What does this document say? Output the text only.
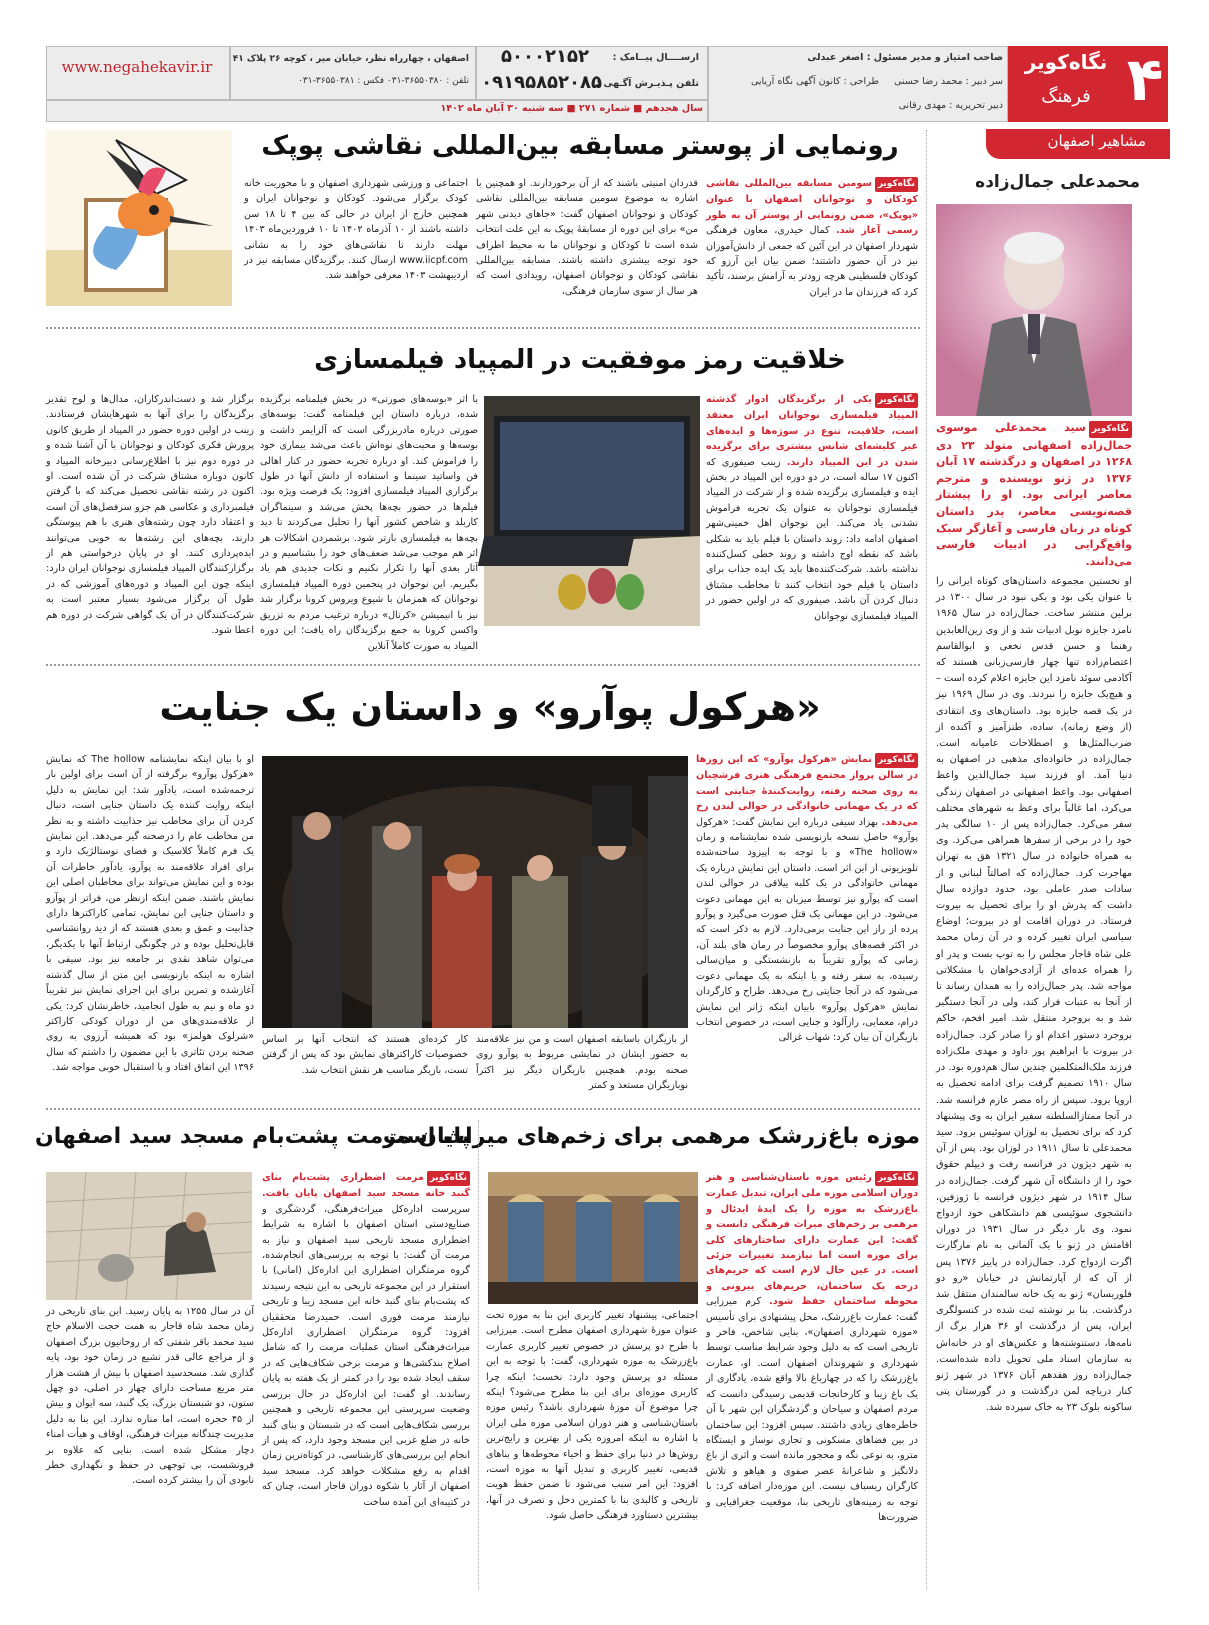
۴
نگاه‌کویر
فرهنگ
صاحب امتیاز و مدیر مسئول : اصغر عبدلی
سر دبیر : محمد رضا حسنی
طراحی : کانون آگهی نگاه آریایی
دبیر تحریریه : مهدی رقانی
ارســــال پیــامک :
۵۰۰۰۲۱۵۲
تلفن پـذیـرش آگـهی :
۰۹۱۹۵۸۵۲۰۸۵
اصفهان ، چهارراه نظر، خیابان میر ، کوچه ۲۶ پلاک ۴۱
تلفن : ۳۶۵۵۰۳۸۰-۰۳۱ فکس : ۳۶۵۵۰۳۸۱-۰۳۱
www.negahekavir.ir
سال هجدهم ■ شماره ۲۷۱ ■ سه شنبه ۳۰ آبان ماه ۱۴۰۲
مشاهیر اصفهان
محمدعلی جمال‌زاده
نگاه‌کویرسید محمدعلی موسوی جمال‌زاده اصفهانی متولد ۲۳ دی ۱۲۶۸ در اصفهان و درگذشته ۱۷ آبان ۱۳۷۶ در ژنو نویسنده و مترجم معاصر ایرانی بود. او را پیشتاز قصه‌نویسی معاصر، پدر داستان کوتاه در زبان فارسی و آغازگر سبک واقع‌گرایی در ادبیات فارسی می‌دانند.
او نخستین مجموعه داستان‌های کوتاه ایرانی را با عنوان یکی بود و یکی نبود در سال ۱۳۰۰ در برلین منتشر ساخت. جمال‌زاده در سال ۱۹۶۵ نامزد جایزه نوبل ادبیات شد و از وی زین‌العابدین رهنما و حسن قدس نخعی و ابوالقاسم اعتصام‌زاده تنها چهار فارسی‌زبانی هستند که آکادمی سوئد نامزد این جایزه اعلام کرده است – و هیچ‌یک جایزه را نبردند. وی در سال ۱۹۶۹ نیز در یک قصه جایزه بود. داستان‌های وی انتقادی (از وضع زمانه)، ساده، طنزآمیز و آکنده از ضرب‌المثل‌ها و اصطلاحات عامیانه است. جمال‌زاده در خانواده‌ای مذهبی در اصفهان به دنیا آمد. او فرزند سید جمال‌الدین واعظ اصفهانی بود. واعظ اصفهانی در اصفهان زندگی می‌کرد، اما غالباً برای وعظ به شهرهای مختلف سفر می‌کرد. جمال‌زاده پس از ۱۰ سالگی پدر خود را در برخی از سفرها همراهی می‌کرد. وی به همراه خانواده در سال ۱۳۲۱ هق به تهران مهاجرت کرد. جمال‌زاده که اصالتاً لبنانی و از سادات صدر عاملی بود، حدود دوازده سال داشت که پدرش او را برای تحصیل به بیروت فرستاد. در دوران اقامت او در بیروت؛ اوضاع سیاسی ایران تغییر کرده و در آن زمان محمد علی شاه قاجار مجلس را به توپ بست و پدر او را همراه عده‌ای از آزادی‌خواهان با مشکلاتی مواجه شد. پدر جمال‌زاده را به همدان رساند تا از آنجا به عتبات فرار کند، ولی در آنجا دستگیر شد و به بروجرد منتقل شد. امیر افخم، حاکم بروجرد دستور اعدام او را صادر کرد. جمال‌زاده در بیروت با ابراهیم پور داود و مهدی ملک‌زاده فرزند ملک‌المتکلمین چندین سال هم‌دوره بود. در سال ۱۹۱۰ تصمیم گرفت برای ادامه تحصیل به اروپا برود. سپس از راه مصر عازم فرانسه شد. در آنجا ممتازالسلطنه سفیر ایران به وی پیشنهاد کرد که برای تحصیل به لوزان سوئیس برود. سید محمدعلی تا سال ۱۹۱۱ در لوزان بود. پس از آن به شهر دیژون در فرانسه رفت و دیپلم حقوق خود را از دانشگاه آن شهر گرفت. جمال‌زاده در سال ۱۹۱۴ در شهر دیژون فرانسه با ژوزفین، دانشجوی سوئیسی هم دانشکاهی خود ازدواج نمود. وی بار دیگر در سال ۱۹۳۱ در دوران اقامتش در ژنو با یک آلمانی به نام مارگارت اگرت ازدواج کرد. جمال‌زاده در پاییز ۱۳۷۶ پس از آن که از آپارتمانش در خیابان «رو دو فلوریسان» ژنو به یک خانه سالمندان منتقل شد درگذشت. بنا بر نوشته ثبت شده در کنسولگری ایران، پس از درگذشت او ۳۶ هزار برگ از نامه‌ها، دستنوشته‌ها و عکس‌های او در خانه‌اش به سازمان اسناد ملی تحویل داده شده‌است. جمال‌زاده روز هفدهم آبان ۱۳۷۶ در شهر ژنو کنار دریاچه لمن درگذشت و در گورستان پتی ساکونه بلوک ۲۳ به خاک سپرده شد.
رونمایی از پوستر مسابقه بین‌المللی نقاشی پوپک
نگاه‌کویرسومین مسابقه بین‌المللی نقاشی کودکان و نوجوانان اصفهان با عنوان «پوپک»، ضمن رونمایی از پوستر آن به طور رسمی آغاز شد. کمال حیدری، معاون فرهنگی شهردار اصفهان در این آئین که جمعی از دانش‌آموزان نیز در آن حضور داشتند؛ ضمن بیان این آرزو که کودکان فلسطینی هرچه زودتر به آرامش برسند، تأکید کرد که فرزندان ما در ایران
قدردان امنیتی باشند که از آن برخوردارند. او همچنین با اشاره به موضوع سومین مسابقه بین‌المللی نقاشی کودکان و نوجوانان اصفهان گفت: «جاهای دیدنی شهر من» برای این دوره از مسابقهٔ پوپک به این علت انتخاب شده است تا کودکان و نوجوانان ما به محیط اطراف خود توجه بیشتری داشته باشند. مسابقه بین‌المللی نقاشی کودکان و نوجوانان اصفهان، رویدادی است که هر سال از سوی سازمان فرهنگی،
اجتماعی و ورزشی شهرداری اصفهان و با محوریت خانه کودک برگزار می‌شود. کودکان و نوجوانان ایران و همچنین خارج از ایران در حالی که بین ۴ تا ۱۸ سن داشته باشند از ۱۰ آذرماه ۱۴۰۲ تا ۱۰ فروردین‌ماه ۱۴۰۳ مهلت دارند تا نقاشی‌های خود را به نشانی www.iicpf.com ارسال کنند. برگزیدگان مسابقه نیز در اردیبهشت ۱۴۰۳ معرفی خواهند شد.
خلاقیت رمز موفقیت در المپیاد فیلمسازی
نگاه‌کویریکی از برگزیدگان ادوار گذشته المپیاد فیلمسازی نوجوانان ایران معتقد است، خلاقیت، تنوع در سوژه‌ها و ایده‌های غیر کلیشه‌ای شانس بیشتری برای برگزیده شدن در این المپیاد دارند. زینب صیفوری که اکنون ۱۷ ساله است، در دو دوره این المپیاد در بخش ایده و فیلمسازی برگزیده شده و از شرکت در المپیاد فیلمسازی نوجوانان به عنوان یک تجربه فراموش نشدنی یاد می‌کند. این نوجوان اهل خمینی‌شهر اصفهان ادامه داد: روند داستان با فیلم باید به شکلی باشد که نقطه اوج داشته و روند خطی کسل‌کننده نداشته باشد. شرکت‌کننده‌ها باید یک ایده جذاب برای داستان یا فیلم خود انتخاب کنند تا مخاطب مشتاق دنبال کردن آن باشد. صیفوری که در اولین حضور در المپیاد فیلمسازی نوجوانان
با اثر «بوسه‌های صورتی» در بخش فیلمنامه برگزیده شده، درباره داستان این فیلمنامه گفت: بوسه‌های صورتی درباره مادربزرگی است که آلزایمر داشت و بوسه‌ها و محبت‌های نوه‌اش باعث می‌شد بیماری خود را فراموش کند. او درباره تجربه حضور در کنار اهالی فن واساتید سینما و استفاده از دانش آنها در طول برگزاری المپیاد فیلمسازی افزود: یک فرصت ویژه بود. فیلم‌ها در حضور بچه‌ها پخش می‌شد و سینماگران کاربلد و شاخص کشور آنها را تحلیل می‌کردند تا دید بچه‌ها به فیلمسازی بازتر شود. برشمردن اشکالات هر اثر هم موجب می‌شد ضعف‌های خود را بشناسیم و در آثار بعدی آنها را تکرار نکنیم و نکات جدیدی هم یاد بگیریم. این نوجوان در پنجمین دوره المپیاد فیلمسازی نوجوانان که همزمان با شیوع ویروس کرونا برگزار شد نیز با انیمیشن «کرتال» درباره ترغیب مردم به تزریق واکسن کرونا به جمع برگزیدگان راه یافت؛ این دوره المپیاد به صورت کاملاً آنلاین
برگزار شد و دست‌اندرکاران، مدال‌ها و لوح تقدیر برگزیدگان را برای آنها به شهرهایشان فرستادند. زینب در اولین دوره حضور در المپیاد از طریق کانون پرورش فکری کودکان و نوجوانان با آن آشنا شده و در دوره دوم نیز با اطلاع‌رسانی دبیرخانه المپیاد و کانون دوباره مشتاق شرکت در آن شده است. او اکنون در رشته نقاشی تحصیل می‌کند که با گرفتن فیلمبرداری و عکاسی هم جزو سرفصل‌های آن است و اعتقاد دارد چون رشته‌های هنری با هم پیوستگی دارند، بچه‌های این رشته‌ها به خوبی می‌توانند ایده‌پردازی کنند. او در پایان درخواستی هم از برگزارکنندگان المپیاد فیلمسازی نوجوانان ایران دارد: اینکه چون این المپیاد و دوره‌های آموزشی که در طول آن برگزار می‌شود بسیار معتبر است به شرکت‌کنندگان در آن یک گواهی شرکت در دوره هم اعطا شود.
«هرکول پوآرو» و داستان یک جنایت
نگاه‌کویرنمایش «هرکول پوآرو» که این روزها در سالن پرواز مجتمع فرهنگی هنری فرشچیان به روی صحنه رفته، روایت‌کنندهٔ جنایتی است که در یک مهمانی خانوادگی در حوالی لندن رخ می‌دهد. بهزاد سیفی درباره این نمایش گفت: «هرکول پوآرو» حاصل نسخه بازنویسی شده نمایشنامه و رمان «The hollow» و با توجه به اپیزود ساخته‌شده تلویزیونی از این اثر است. داستان این نمایش درباره یک مهمانی خانوادگی در یک کلبه ییلاقی در حوالی لندن است که پوآرو نیز توسط میزبان به این مهمانی دعوت می‌شود. در این مهمانی یک قتل صورت می‌گیرد و پوآرو پرده از راز این جنایت برمی‌دارد. لازم به ذکر است که در اکثر قصه‌های پوآرو مخصوصاً در رمان های بلند آن، زمانی که پوآرو تقریباً به بازنشستگی و میان‌سالی رسیده، به سفر رفته و یا اینکه به یک مهمانی دعوت می‌شود که در آنجا جنایتی رخ می‌دهد. طراح و کارگردان نمایش «هرکول پوآرو» بابیان اینکه ژانر این نمایش درام، معمایی، رازآلود و جنایی است، در خصوص انتخاب بازیگران آن بیان کرد: شهاب غزالی
از بازیگران باسابقه اصفهان است و من نیز علاقه‌مند به حضور ایشان در نمایشی مربوط به پوآرو روی صحنه بودم. همچنین بازیگران دیگر نیز اکثراً نوبازیگران مستعد و کمتر
کار کرده‌ای هستند که انتخاب آنها بر اساس خصوصیات کاراکترهای نمایش بود که پس از گرفتن تست، بازیگر مناسب هر نقش انتخاب شد.
او با بیان اینکه نمایشنامه The hollow که نمایش «هرکول پوآرو» برگرفته از آن است برای اولین بار ترجمه‌شده است، یادآور شد: این نمایش به دلیل اینکه روایت کننده یک داستان جنایی است، دنبال کردن آن برای مخاطب نیز جذابیت داشته و به نظر من مخاطب عام را درصحنه گیر می‌دهد. این نمایش یک فرم کاملاً کلاسیک و فضای نوستالژیک دارد و برای افراد علاقه‌مند به پوآرو، یادآور خاطرات آن بوده و این نمایش می‌تواند برای مخاطبان اصلی این نمایش باشند. ضمن اینکه ازنظر من، فراتر از پوآرو و داستان جنایی این نمایش، تمامی کاراکترها دارای جذابیت و عمق و بعدی هستند که از دید روانشناسی قابل‌تحلیل بوده و در چگونگی ارتباط آنها با یکدیگر، می‌توان شاهد نقدی بر جامعه نیز بود. سیفی با اشاره به اینکه بازنویسی این متن از سال گذشته آغازشده و تمرین برای این اجرای نمایش نیز تقریباً دو ماه و نیم به طول انجامید، خاطرنشان کرد: یکی از علاقه‌مندی‌های من از دوران کودکی کاراکتر «شرلوک هولمز» بود که همیشه آرزوی به روی صحنه بردن تئاتری با این مضمون را داشتم که سال ۱۳۹۶ این اتفاق افتاد و با استقبال خوبی مواجه شد.
موزه باغ‌زرشک مرهمی برای زخم‌های میراث است
نگاه‌کویررئیس موزه باستان‌شناسی و هنر دوران اسلامی موزه ملی ایران، تبدیل عمارت باغ‌زرشک به موزه را یک ایدهٔ ایدئال و مرهمی بر زخم‌های میراث فرهنگی دانست و گفت: این عمارت دارای ساختارهای کلی برای موزه است اما نیازمند تغییرات جزئی است. در عین حال لازم است که حریم‌های درجه یک ساختمان، حریم‌های بیرونی و محوطه ساختمان حفظ شود. کرم میرزایی گفت: عمارت باغ‌زرشک، محل پیشنهادی برای تأسیس «موزه شهرداری اصفهان»، بنایی شاخص، فاخر و تاریخی است که به دلیل وجود شرایط مناسب توسط شهرداری و شهروندان اصفهان است. او، عمارت باغ‌زرشک را که در چهارباغ بالا واقع شده، یادگاری از یک باغ زیبا و کارخانجات قدیمی رسیدگی دانست که مردم اصفهان و سیاحان و گردشگران این شهر با آن خاطره‌های زیادی داشتند. سپس افزود: این ساختمان در بین فضاهای مسکونی و تجاری نوساز و ایستگاه مترو، به نوعی نگه و محجور مانده است و اثری از باغ دلانگیز و شاعرانهٔ عصر صفوی و هیاهو و تلاش کارگران ریسباف نیست. این موزه‌دار اضافه کرد: با توجه به زمینه‌های تاریخی بنا، موقعیت جغرافیایی و ضرورت‌ها
اجتماعی، پیشنهاد تغییر کاربری این بنا به موزه تحت عنوان موزهٔ شهرداری اصفهان مطرح است. میرزایی با طرح دو پرسش در خصوص تغییر کاربری عمارت باغ‌زرشک به موزه شهرداری، گفت: با توجه به این مسئله دو پرسش وجود دارد: نخست؛ اینکه چرا کاربری موزه‌ای برای این بنا مطرح می‌شود؟ اینکه چرا موضوع آن موزهٔ شهرداری باشد؟ رئیس موزه باستان‌شناسی و هنر دوران اسلامی موزه ملی ایران با اشاره به اینکه امروزه یکی از بهترین و رایج‌ترین روش‌ها در دنیا برای حفظ و احیاء محوطه‌ها و بناهای قدیمی، تغییر کاربری و تبدیل آنها به موزه است، افزود: این امر سبب می‌شود تا ضمن حفظ هویت تاریخی و کالبدی بنا با کمترین دخل و تصرف در آنها، بیشترین دستاورد فرهنگی حاصل شود.
پایان مرمت پشت‌بام مسجد سید اصفهان
نگاه‌کویرمرمت اضطراری پشت‌بام بنای گنبد خانه مسجد سید اصفهان پایان یافت. سرپرست اداره‌کل میراث‌فرهنگی، گردشگری و صنایع‌دستی استان اصفهان با اشاره به شرایط اضطراری مسجد تاریخی سید اصفهان و نیاز به مرمت آن گفت: با توجه به بررسی‌های انجام‌شده، گروه مرمتگران اضطراری این اداره‌کل (امانی) با استقرار در این مجموعه تاریخی به این نتیجه رسیدند که پشت‌بام بنای گنبد خانه این مسجد زیبا و تاریخی نیازمند مرمت فوری است. حمیدرضا محققیان افزود: گروه مرمتگران اضطراری اداره‌کل میراث‌فرهنگی استان عملیات مرمت را که شامل اصلاح بندکشی‌ها و مرمت برخی شکاف‌هایی که در سقف ایجاد شده بود را در کمتر از یک هفته به پایان رساندند. او گفت: این اداره‌کل در حال بررسی وضعیت سرپرستی این مجموعه تاریخی و همچنین بررسی شکاف‌هایی است که در شبستان و بنای گنبد خانه در ضلع غربی این مسجد وجود دارد، که پس از انجام این بررسی‌های کارشناسی، در کوتاه‌ترین زمان اقدام به رفع مشکلات خواهد کرد. مسجد سید اصفهان از آثار با شکوه دوران قاجار است، چنان که در کتیبه‌ای این آمده ساخت
آن در سال ۱۲۵۵ به پایان رسید. این بنای تاریخی در زمان محمد شاه قاجار به همت حجت الاسلام حاج سید محمد باقر شفتی که از روحانیون بزرگ اصفهان و از مراجع عالی قدر تشیع در زمان خود بود، پایه گذاری شد. مسجدسید اصفهان با بیش از هشت هزار متر مربع مساحت دارای چهار در اصلی، دو چهل ستون، دو شبستان بزرگ، یک گنبد، سه ایوان و بیش از ۴۵ حجره است، اما مناره ندارد. این بنا به دلیل مدیریت چندگانه میراث فرهنگی، اوقاف و هیأت امناء دچار مشکل شده است. بنایی که علاوه بر فرونشست، بی توجهی در حفظ و نگهداری خطر نابودی آن را بیشتر کرده است.
